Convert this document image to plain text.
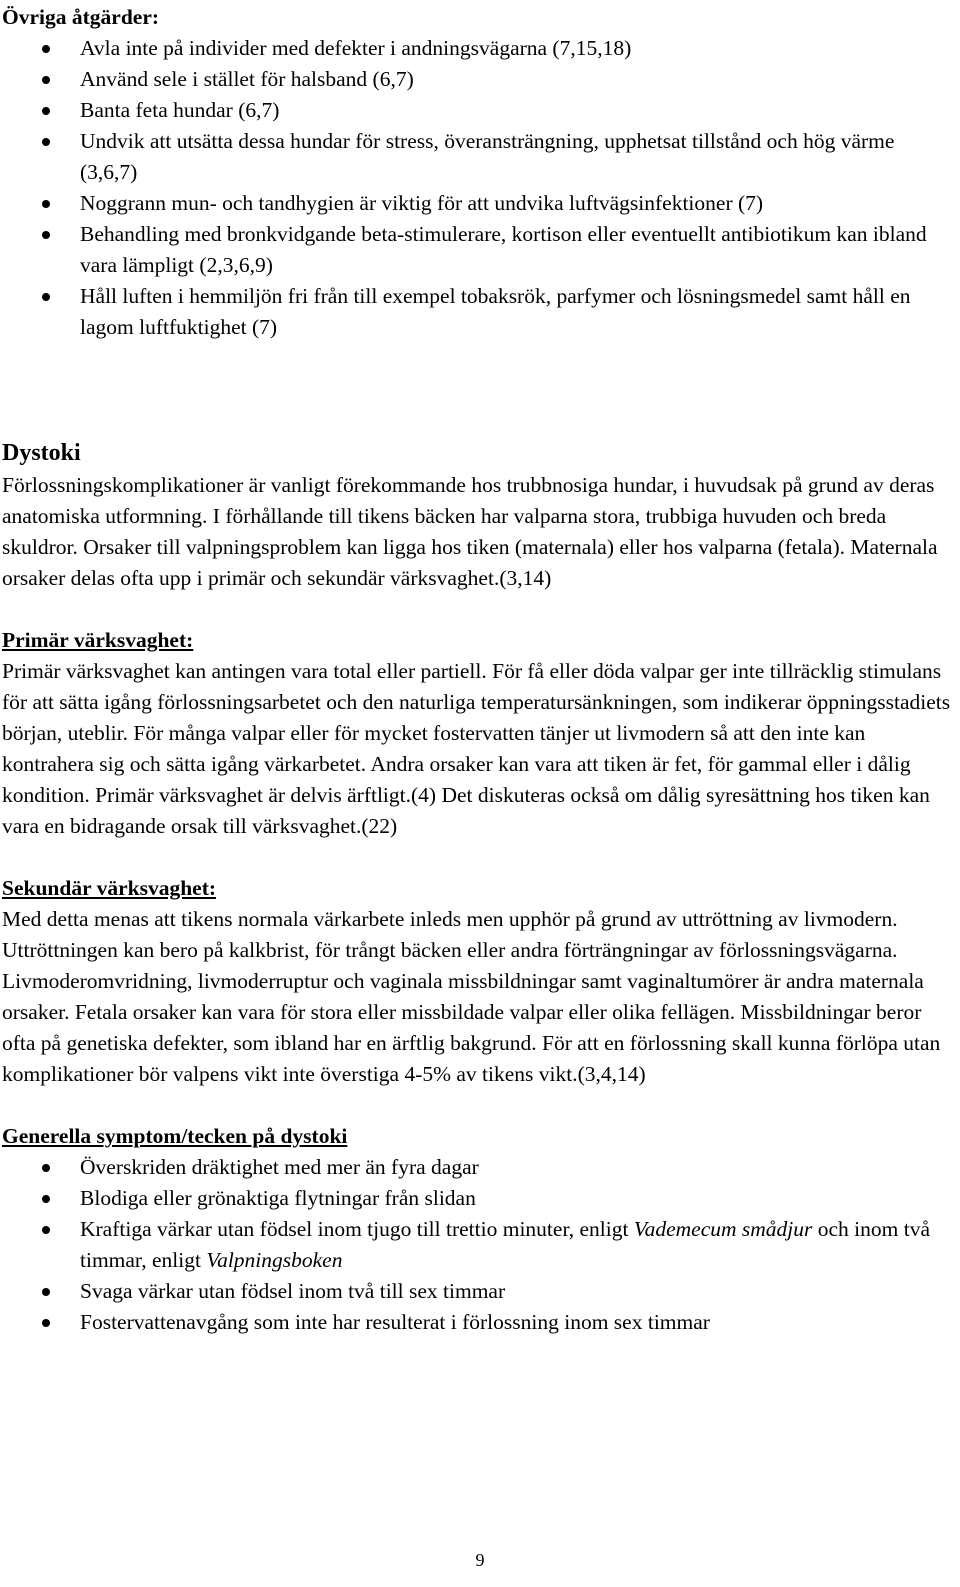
Övriga åtgärder:
Avla inte på individer med defekter i andningsvägarna (7,15,18)
Använd sele i stället för halsband (6,7)
Banta feta hundar (6,7)
Undvik att utsätta dessa hundar för stress, överansträngning, upphetsat tillstånd och hög värme (3,6,7)
Noggrann mun- och tandhygien är viktig för att undvika luftvägsinfektioner (7)
Behandling med bronkvidgande beta-stimulerare, kortison eller eventuellt antibiotikum kan ibland vara lämpligt (2,3,6,9)
Håll luften i hemmiljön fri från till exempel tobaksrök, parfymer och lösningsmedel samt håll en lagom luftfuktighet (7)
Dystoki

Förlossningskomplikationer är vanligt förekommande hos trubbnosiga hundar, i huvudsak på grund av deras anatomiska utformning. I förhållande till tikens bäcken har valparna stora, trubbiga huvuden och breda skuldror. Orsaker till valpningsproblem kan ligga hos tiken (maternala) eller hos valparna (fetala). Maternala orsaker delas ofta upp i primär och sekundär värksvaghet.(3,14)

Primär värksvaghet:

Primär värksvaghet kan antingen vara total eller partiell. För få eller döda valpar ger inte tillräcklig stimulans för att sätta igång förlossningsarbetet och den naturliga temperatursänkningen, som indikerar öppningsstadiets början, uteblir. För många valpar eller för mycket fostervatten tänjer ut livmodern så att den inte kan kontrahera sig och sätta igång värkarbetet. Andra orsaker kan vara att tiken är fet, för gammal eller i dålig kondition. Primär värksvaghet är delvis ärftligt.(4) Det diskuteras också om dålig syresättning hos tiken kan vara en bidragande orsak till värksvaghet.(22)

Sekundär värksvaghet:

Med detta menas att tikens normala värkarbete inleds men upphör på grund av uttröttning av livmodern. Uttröttningen kan bero på kalkbrist, för trångt bäcken eller andra förträngningar av förlossningsvägarna. Livmoderomvridning, livmoderruptur och vaginala missbildningar samt vaginaltumörer är andra maternala orsaker. Fetala orsaker kan vara för stora eller missbildade valpar eller olika fellägen. Missbildningar beror ofta på genetiska defekter, som ibland har en ärftlig bakgrund. För att en förlossning skall kunna förlöpa utan komplikationer bör valpens vikt inte överstiga 4-5% av tikens vikt.(3,4,14)

Generella symptom/tecken på dystoki
Överskriden dräktighet med mer än fyra dagar
Blodiga eller grönaktiga flytningar från slidan
Kraftiga värkar utan födsel inom tjugo till trettio minuter, enligt Vademecum smådjur och inom två timmar, enligt Valpningsboken
Svaga värkar utan födsel inom två till sex timmar
Fostervattenavgång som inte har resulterat i förlossning inom sex timmar
9
